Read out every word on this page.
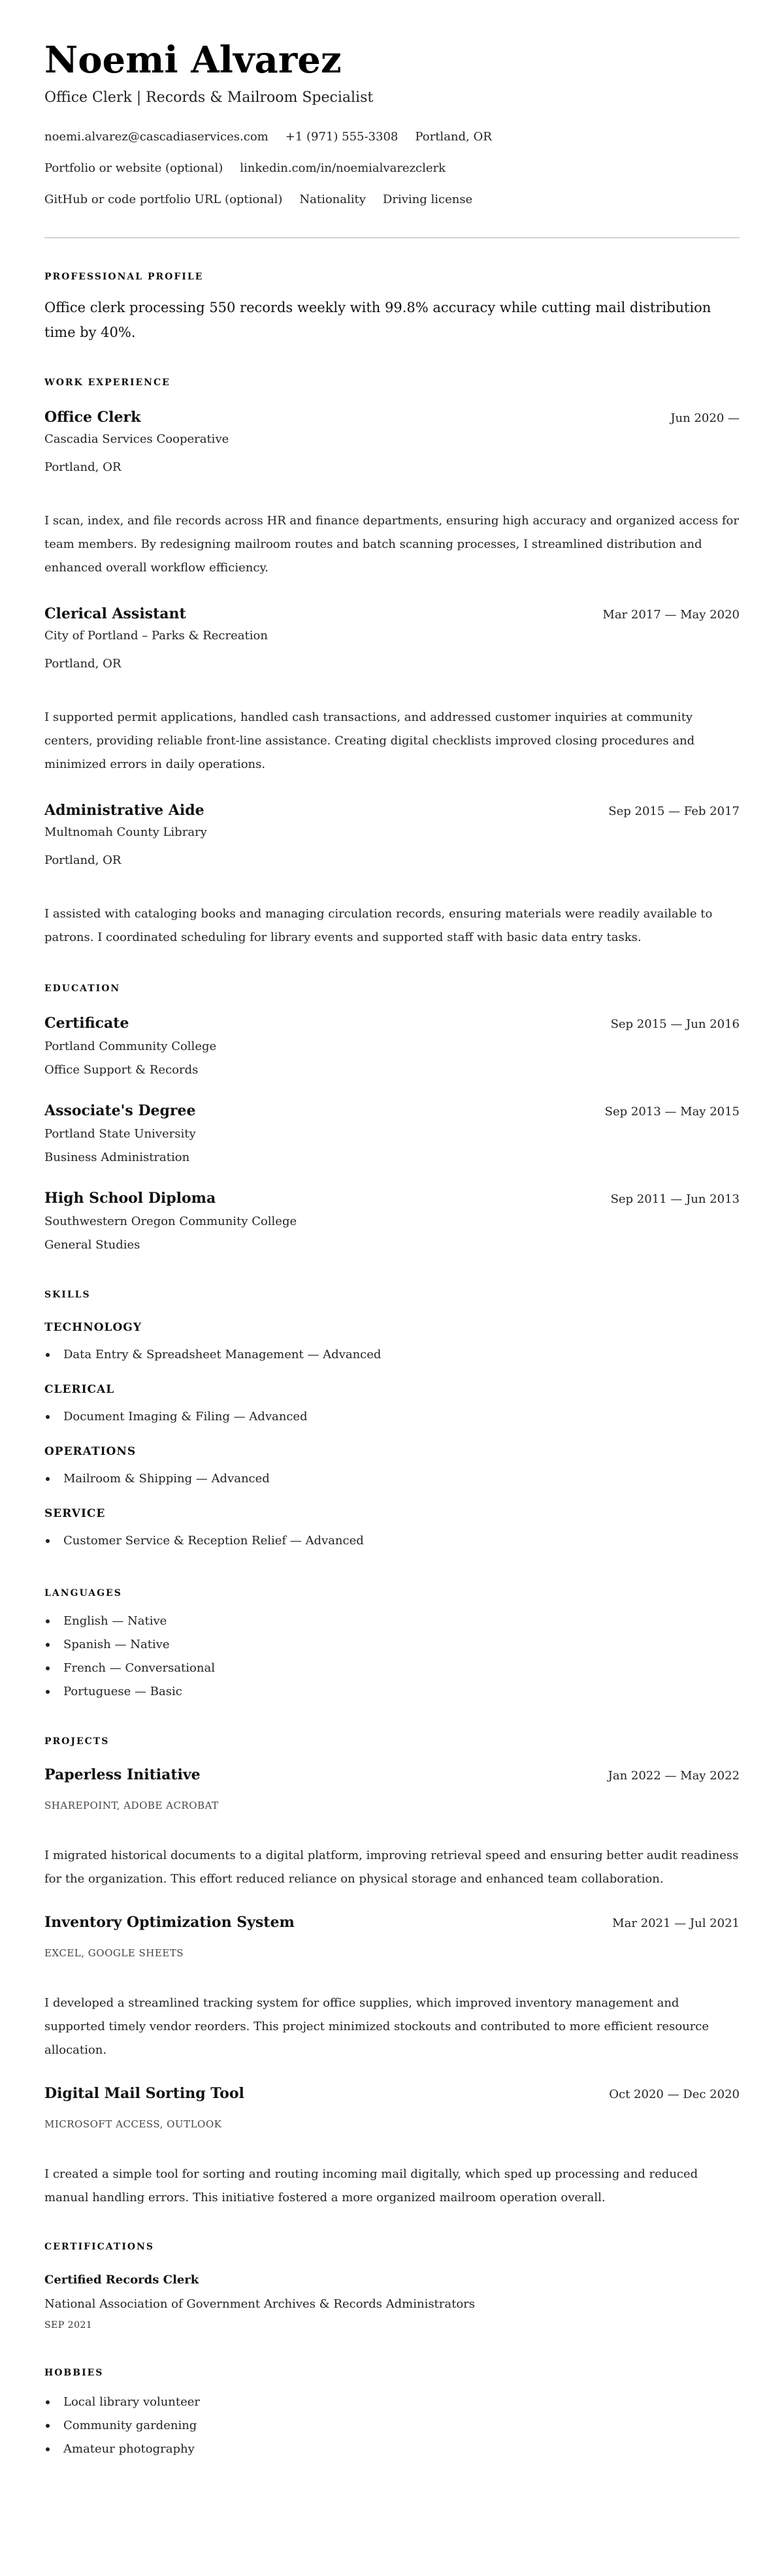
Noemi Alvarez
Office Clerk | Records & Mailroom Specialist
noemi.alvarez@cascadiaservices.com +1 (971) 555-3308 Portland, OR
Portfolio or website (optional) linkedin.com/in/noemialvarezclerk
GitHub or code portfolio URL (optional) Nationality Driving license
PROFESSIONAL PROFILE

Office clerk processing 550 records weekly with 99.8% accuracy while cutting mail distribution time by 40%.

WORK EXPERIENCE
Office Clerk	Jun 2020 —
Cascadia Services Cooperative
Portland, OR

I scan, index, and file records across HR and finance departments, ensuring high accuracy and organized access for team members. By redesigning mailroom routes and batch scanning processes, I streamlined distribution and enhanced overall workflow efficiency.

Clerical Assistant	Mar 2017 — May 2020
City of Portland – Parks & Recreation
Portland, OR

I supported permit applications, handled cash transactions, and addressed customer inquiries at community centers, providing reliable front-line assistance. Creating digital checklists improved closing procedures and minimized errors in daily operations.

Administrative Aide	Sep 2015 — Feb 2017
Multnomah County Library
Portland, OR

I assisted with cataloging books and managing circulation records, ensuring materials were readily available to patrons. I coordinated scheduling for library events and supported staff with basic data entry tasks.

EDUCATION
Certificate	Sep 2015 — Jun 2016
Portland Community College
Office Support & Records
Associate's Degree	Sep 2013 — May 2015
Portland State University
Business Administration
High School Diploma	Sep 2011 — Jun 2013
Southwestern Oregon Community College
General Studies
SKILLS
TECHNOLOGY
Data Entry & Spreadsheet Management — Advanced
CLERICAL
Document Imaging & Filing — Advanced
OPERATIONS
Mailroom & Shipping — Advanced
SERVICE
Customer Service & Reception Relief — Advanced
LANGUAGES
English — Native
Spanish — Native
French — Conversational
Portuguese — Basic
PROJECTS
Paperless Initiative	Jan 2022 — May 2022
SHAREPOINT, ADOBE ACROBAT

I migrated historical documents to a digital platform, improving retrieval speed and ensuring better audit readiness for the organization. This effort reduced reliance on physical storage and enhanced team collaboration.

Inventory Optimization System	Mar 2021 — Jul 2021
EXCEL, GOOGLE SHEETS

I developed a streamlined tracking system for office supplies, which improved inventory management and supported timely vendor reorders. This project minimized stockouts and contributed to more efficient resource allocation.

Digital Mail Sorting Tool	Oct 2020 — Dec 2020
MICROSOFT ACCESS, OUTLOOK

I created a simple tool for sorting and routing incoming mail digitally, which sped up processing and reduced manual handling errors. This initiative fostered a more organized mailroom operation overall.

CERTIFICATIONS
Certified Records Clerk
National Association of Government Archives & Records Administrators
SEP 2021
HOBBIES
Local library volunteer
Community gardening
Amateur photography
